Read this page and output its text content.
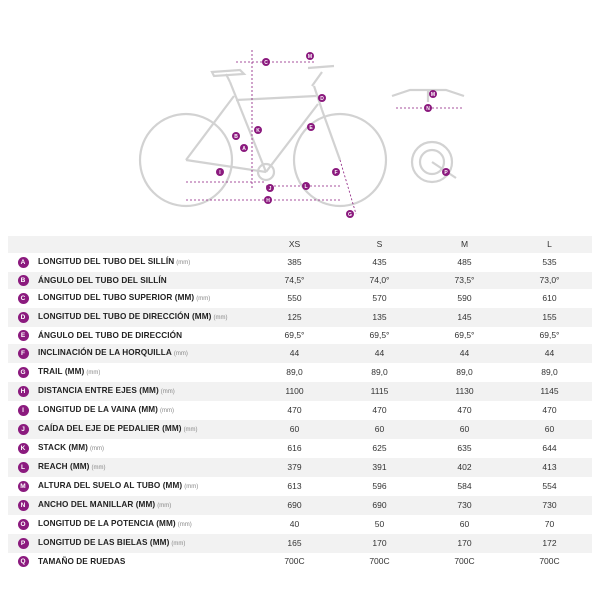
A
B
C
D
E
F
G
H
I
J
K
L
M
M
N
P
		XS	S	M	L
A	LONGITUD DEL TUBO DEL SILLÍN (mm)	385	435	485	535
B	ÁNGULO DEL TUBO DEL SILLÍN	74,5°	74,0°	73,5°	73,0°
C	LONGITUD DEL TUBO SUPERIOR (MM) (mm)	550	570	590	610
D	LONGITUD DEL TUBO DE DIRECCIÓN (MM) (mm)	125	135	145	155
E	ÁNGULO DEL TUBO DE DIRECCIÓN	69,5°	69,5°	69,5°	69,5°
F	INCLINACIÓN DE LA HORQUILLA (mm)	44	44	44	44
G	TRAIL (MM) (mm)	89,0	89,0	89,0	89,0
H	DISTANCIA ENTRE EJES (MM) (mm)	1100	1115	1130	1145
I	LONGITUD DE LA VAINA (MM) (mm)	470	470	470	470
J	CAÍDA DEL EJE DE PEDALIER (MM) (mm)	60	60	60	60
K	STACK (MM) (mm)	616	625	635	644
L	REACH (MM) (mm)	379	391	402	413
M	ALTURA DEL SUELO AL TUBO (MM) (mm)	613	596	584	554
N	ANCHO DEL MANILLAR (MM) (mm)	690	690	730	730
O	LONGITUD DE LA POTENCIA (MM) (mm)	40	50	60	70
P	LONGITUD DE LAS BIELAS (MM) (mm)	165	170	170	172
Q	TAMAÑO DE RUEDAS	700C	700C	700C	700C
